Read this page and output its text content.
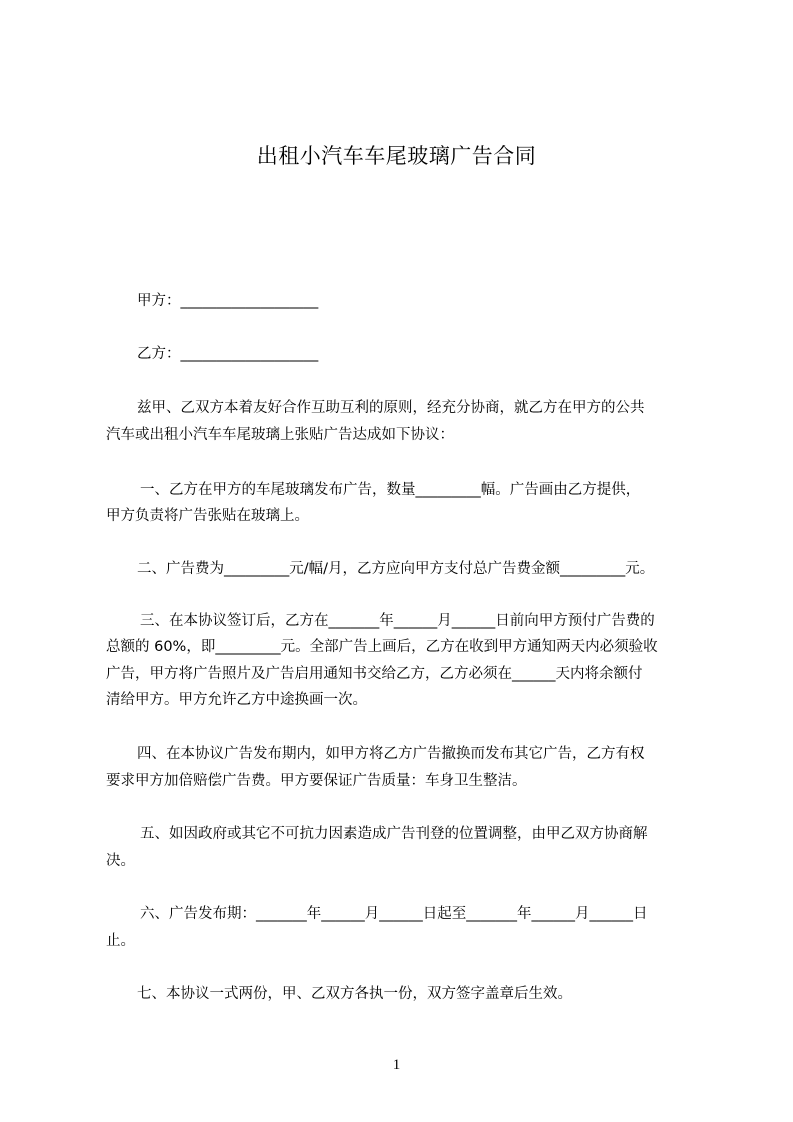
出租小汽车车尾玻璃广告合同
甲方：___________________
乙方：___________________
兹甲、乙双方本着友好合作互助互利的原则，经充分协商，就乙方在甲方的公共
汽车或出租小汽车车尾玻璃上张贴广告达成如下协议：
一、乙方在甲方的车尾玻璃发布广告，数量_________幅。广告画由乙方提供，
甲方负责将广告张贴在玻璃上。
二、广告费为_________元/幅/月，乙方应向甲方支付总广告费金额_________元。
三、在本协议签订后，乙方在_______年______月______日前向甲方预付广告费的
总额的 60%，即_________元。全部广告上画后，乙方在收到甲方通知两天内必须验收
广告，甲方将广告照片及广告启用通知书交给乙方，乙方必须在______天内将余额付
清给甲方。甲方允许乙方中途换画一次。
四、在本协议广告发布期内，如甲方将乙方广告撤换而发布其它广告，乙方有权
要求甲方加倍赔偿广告费。甲方要保证广告质量：车身卫生整洁。
五、如因政府或其它不可抗力因素造成广告刊登的位置调整，由甲乙双方协商解
决。
六、广告发布期：_______年______月______日起至_______年______月______日
止。
七、本协议一式两份，甲、乙双方各执一份，双方签字盖章后生效。
1
